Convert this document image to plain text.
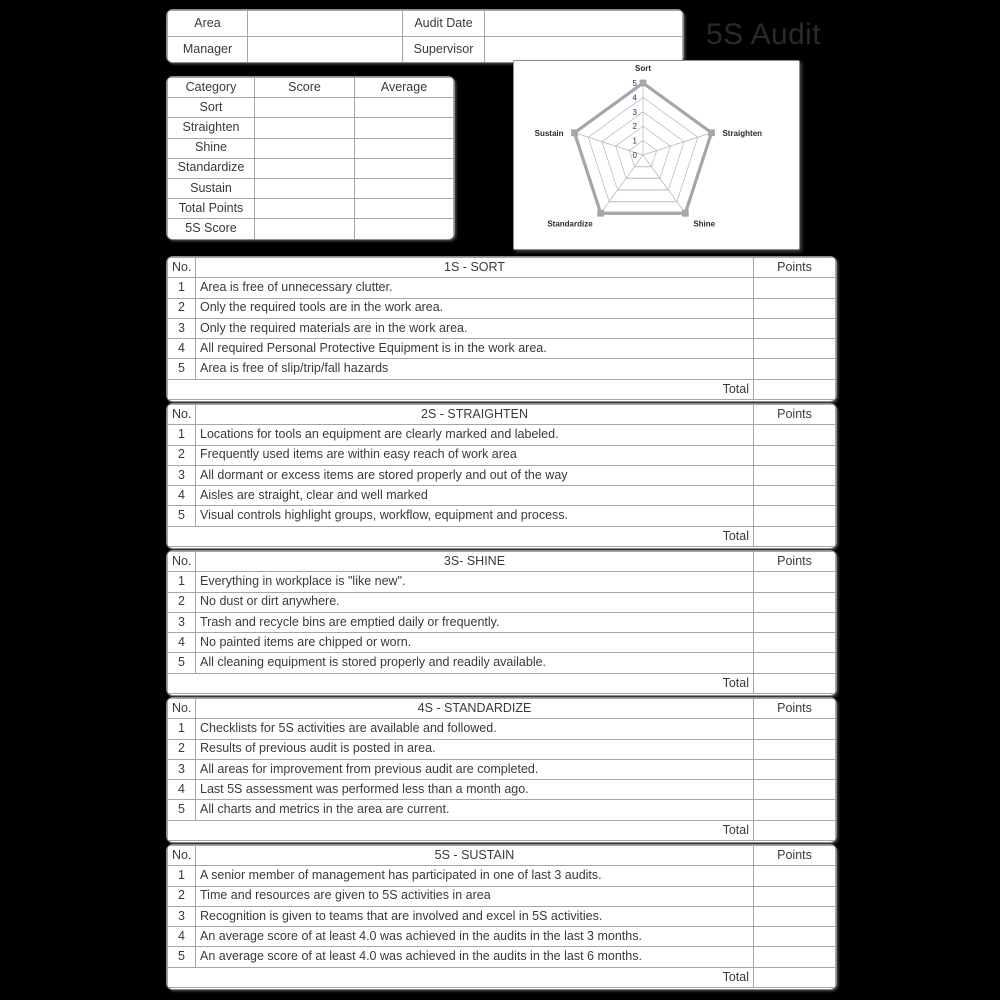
Area		Audit Date	
Manager		Supervisor		5S Audit
Category	Score	Average
Sort		
Straighten		
Shine		
Standardize		
Sustain		
Total Points		
5S Score		
0
1
2
3
4
5
Sort
Straighten
Shine
Standardize
Sustain
No.	1S - SORT	Points
1	Area is free of unnecessary clutter.	
2	Only the required tools are in the work area.	
3	Only the required materials are in the work area.	
4	All required Personal Protective Equipment is in the work area.	
5	Area is free of slip/trip/fall hazards	
Total		
No.	2S - STRAIGHTEN	Points
1	Locations for tools an equipment are clearly marked and labeled.	
2	Frequently used items are within easy reach of work area	
3	All dormant or excess items are stored properly and out of the way	
4	Aisles are straight, clear and well marked	
5	Visual controls highlight groups, workflow, equipment and process.	
Total		
No.	3S- SHINE	Points
1	Everything in workplace is "like new".	
2	No dust or dirt anywhere.	
3	Trash and recycle bins are emptied daily or frequently.	
4	No painted items are chipped or worn.	
5	All cleaning equipment is stored properly and readily available.	
Total		
No.	4S - STANDARDIZE	Points
1	Checklists for 5S activities are available and followed.	
2	Results of previous audit is posted in area.	
3	All areas for improvement from previous audit are completed.	
4	Last 5S assessment was performed less than a month ago.	
5	All charts and metrics in the area are current.	
Total		
No.	5S - SUSTAIN	Points
1	A senior member of management has participated in one of last 3 audits.	
2	Time and resources are given to 5S activities in area	
3	Recognition is given to teams that are involved and excel in 5S activities.	
4	An average score of at least 4.0 was achieved in the audits in the last 3 months.	
5	An average score of at least 4.0 was achieved in the audits in the last 6 months.	
Total		
